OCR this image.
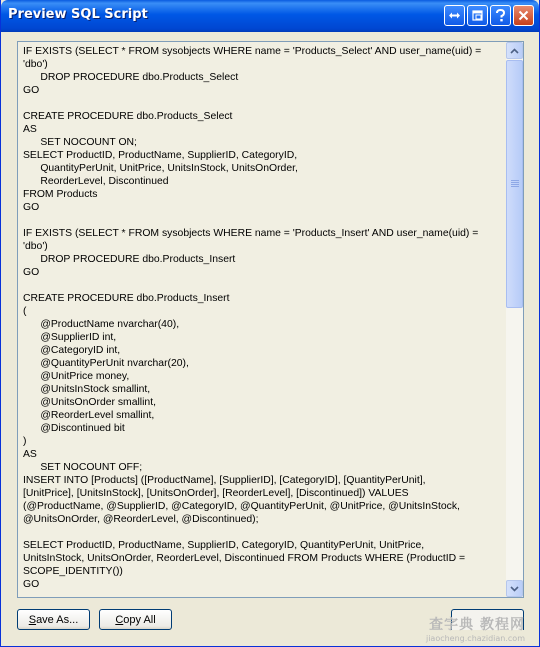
Preview SQL Script
IF EXISTS (SELECT * FROM sysobjects WHERE name = 'Products_Select' AND user_name(uid) =
'dbo')
		DROP PROCEDURE dbo.Products_Select
GO

CREATE PROCEDURE dbo.Products_Select
AS
		SET NOCOUNT ON;
SELECT ProductID, ProductName, SupplierID, CategoryID,
QuantityPerUnit, UnitPrice, UnitsInStock, UnitsOnOrder,
ReorderLevel, Discontinued
FROM Products
GO

IF EXISTS (SELECT * FROM sysobjects WHERE name = 'Products_Insert' AND user_name(uid) =
'dbo')
		DROP PROCEDURE dbo.Products_Insert
GO

CREATE PROCEDURE dbo.Products_Insert
(
		@ProductName nvarchar(40),
		@SupplierID int,
		@CategoryID int,
		@QuantityPerUnit nvarchar(20),
		@UnitPrice money,
		@UnitsInStock smallint,
		@UnitsOnOrder smallint,
		@ReorderLevel smallint,
		@Discontinued bit
)
AS
		SET NOCOUNT OFF;
INSERT INTO [Products] ([ProductName], [SupplierID], [CategoryID], [QuantityPerUnit],
[UnitPrice], [UnitsInStock], [UnitsOnOrder], [ReorderLevel], [Discontinued]) VALUES
(@ProductName, @SupplierID, @CategoryID, @QuantityPerUnit, @UnitPrice, @UnitsInStock,
@UnitsOnOrder, @ReorderLevel, @Discontinued);

SELECT ProductID, ProductName, SupplierID, CategoryID, QuantityPerUnit, UnitPrice,
UnitsInStock, UnitsOnOrder, ReorderLevel, Discontinued FROM Products WHERE (ProductID =
SCOPE_IDENTITY())
GO
S ave As...	C opy All	查字典 教程网
jiaocheng.chazidian.com
